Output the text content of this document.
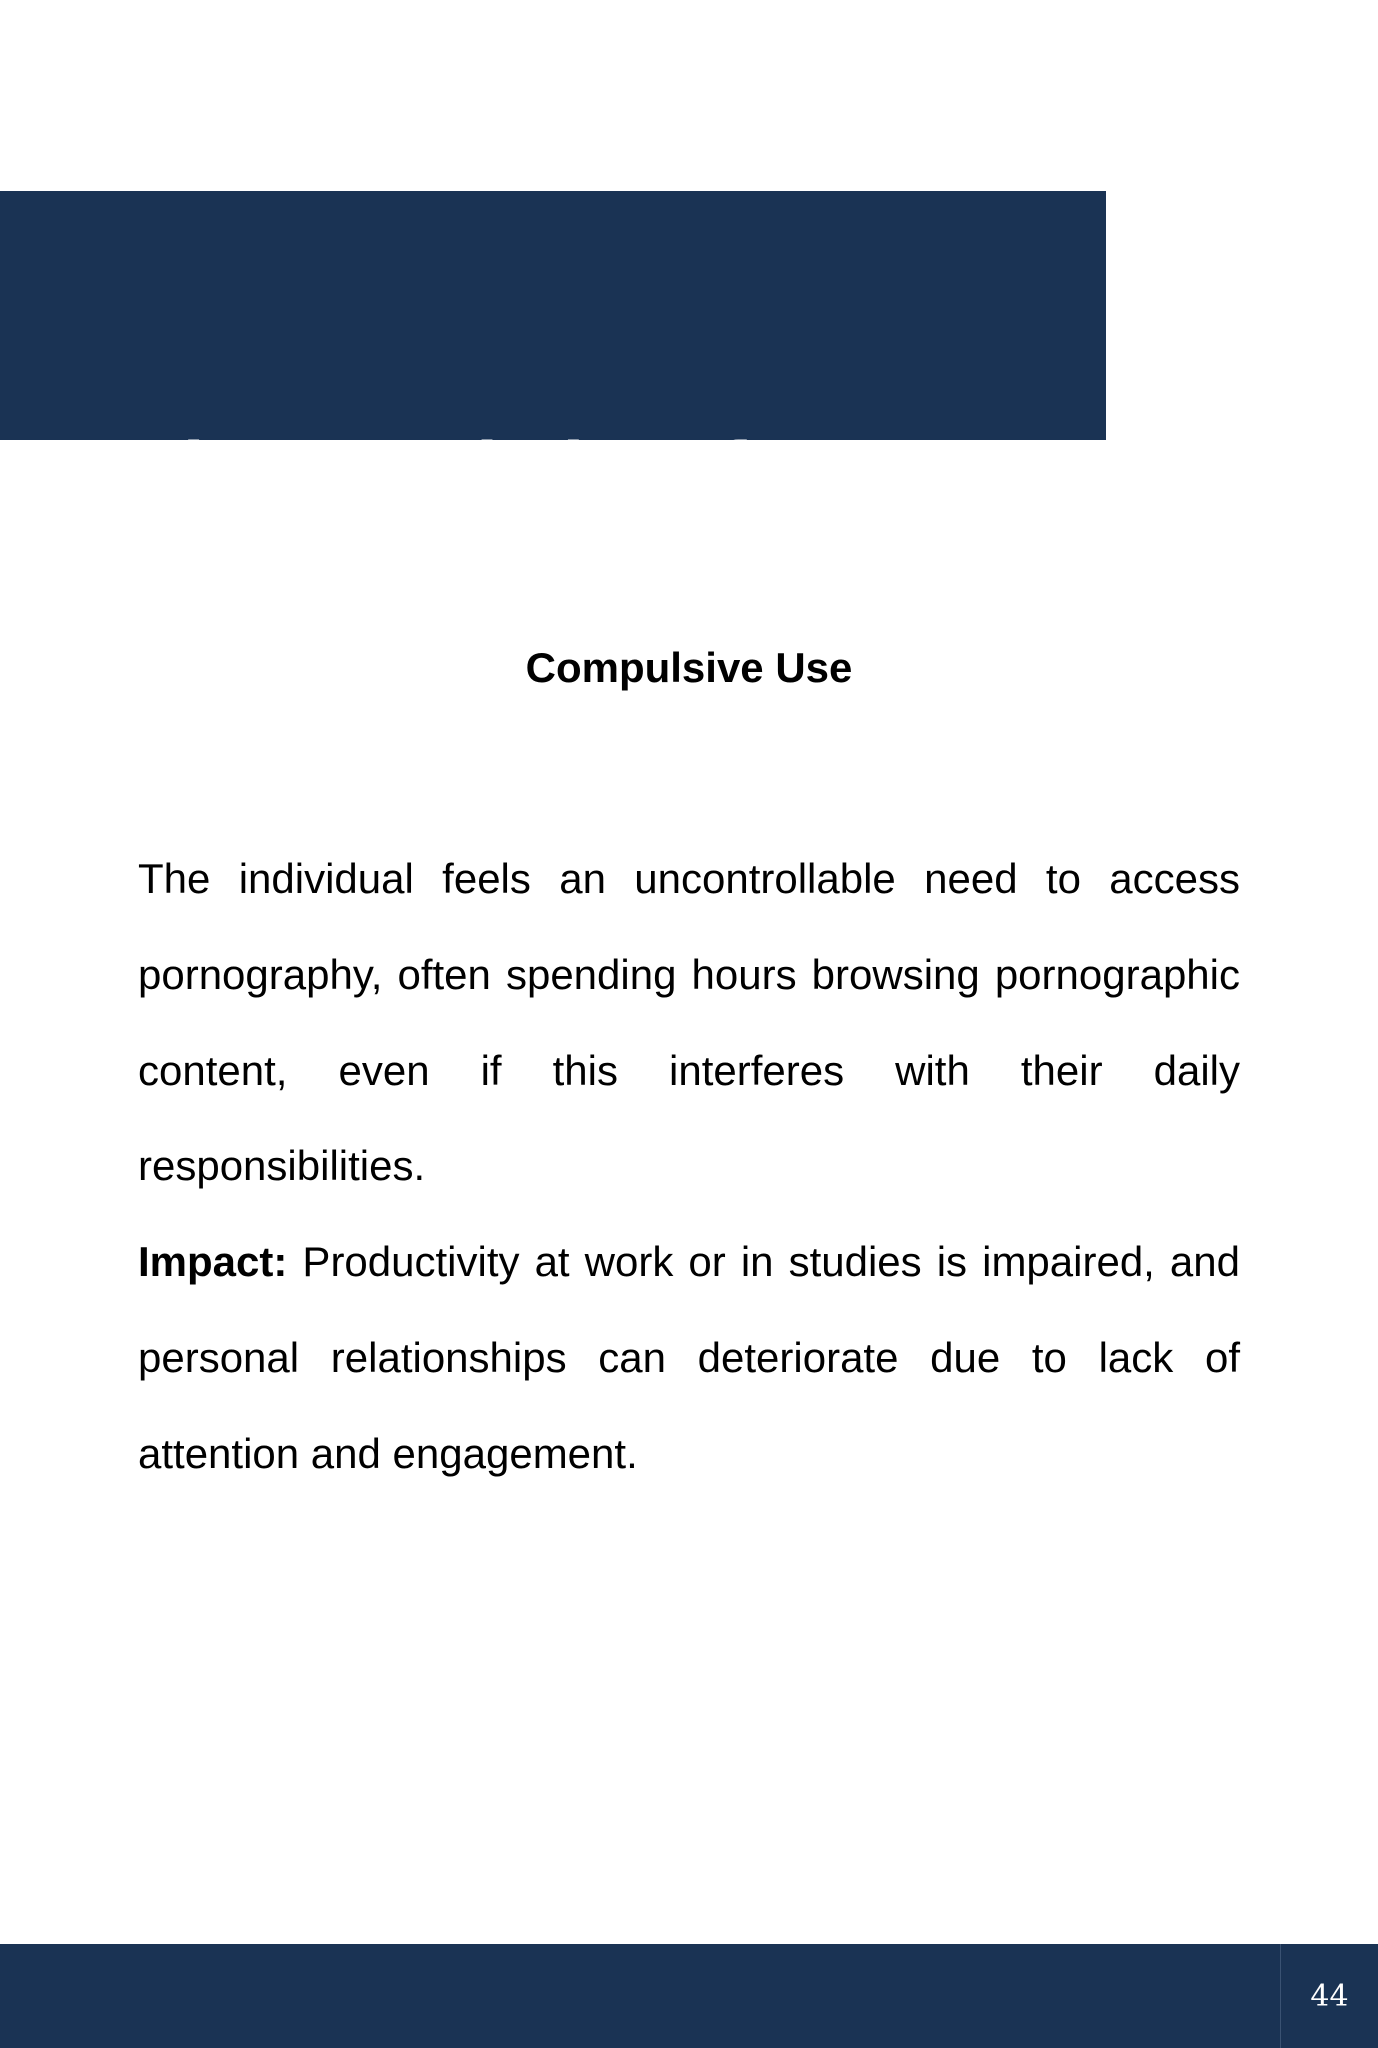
Characteristics of
Pornography Addiction
Compulsive Use

The individual feels an uncontrollable need to access pornography, often spending hours browsing pornographic content, even if this interferes with their daily responsibilities.

Impact: Productivity at work or in studies is impaired, and personal relationships can deteriorate due to lack of attention and engagement.

44
